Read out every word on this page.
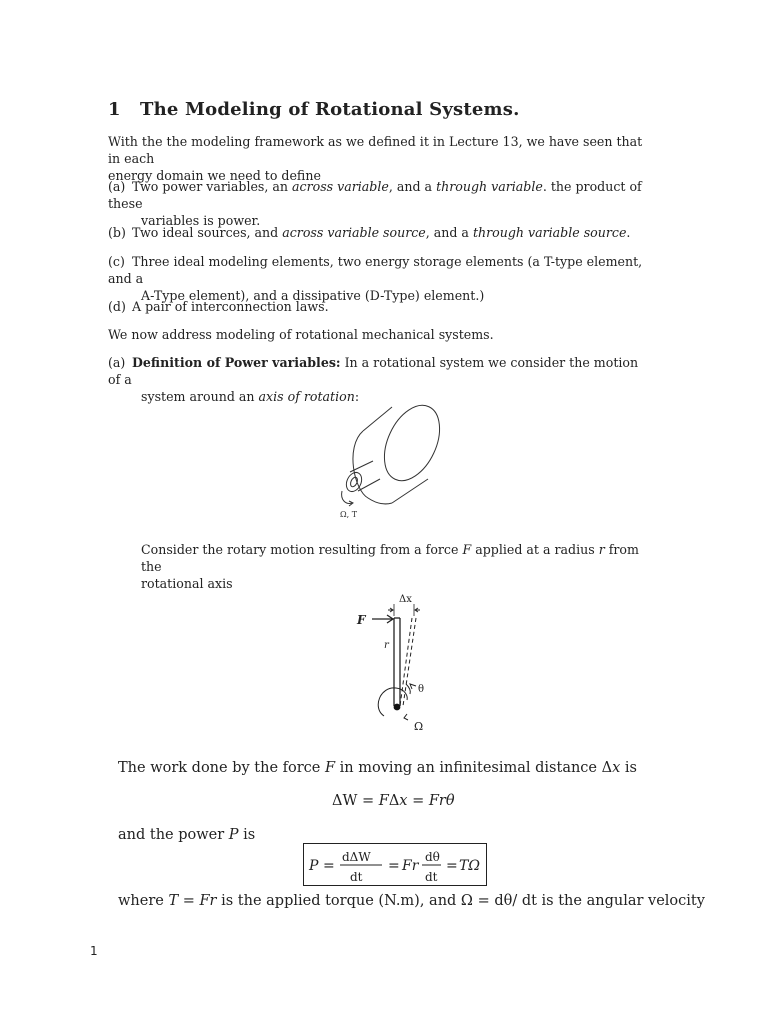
1 The Modeling of Rotational Systems.
With the the modeling framework as we defined it in Lecture 13, we have seen that in each
energy domain we need to define
(a) Two power variables, an across variable, and a through variable. the product of these
variables is power.
(b) Two ideal sources, and across variable source, and a through variable source.
(c) Three ideal modeling elements, two energy storage elements (a T-type element, and a
A-Type element), and a dissipative (D-Type) element.)
(d) A pair of interconnection laws.
We now address modeling of rotational mechanical systems.
(a) Definition of Power variables: In a rotational system we consider the motion of a
system around an axis of rotation:
Ω, T
Consider the rotary motion resulting from a force F applied at a radius r from the
rotational axis
F
Δx
r
θ
Ω
The work done by the force F in moving an infinitesimal distance Δx is
ΔW = FΔx = Frθ
and the power P is
P =
dΔW
dt
= Fr
dθ
dt
= TΩ
where T = Fr is the applied torque (N.m), and Ω = dθ/ dt is the angular velocity
1
